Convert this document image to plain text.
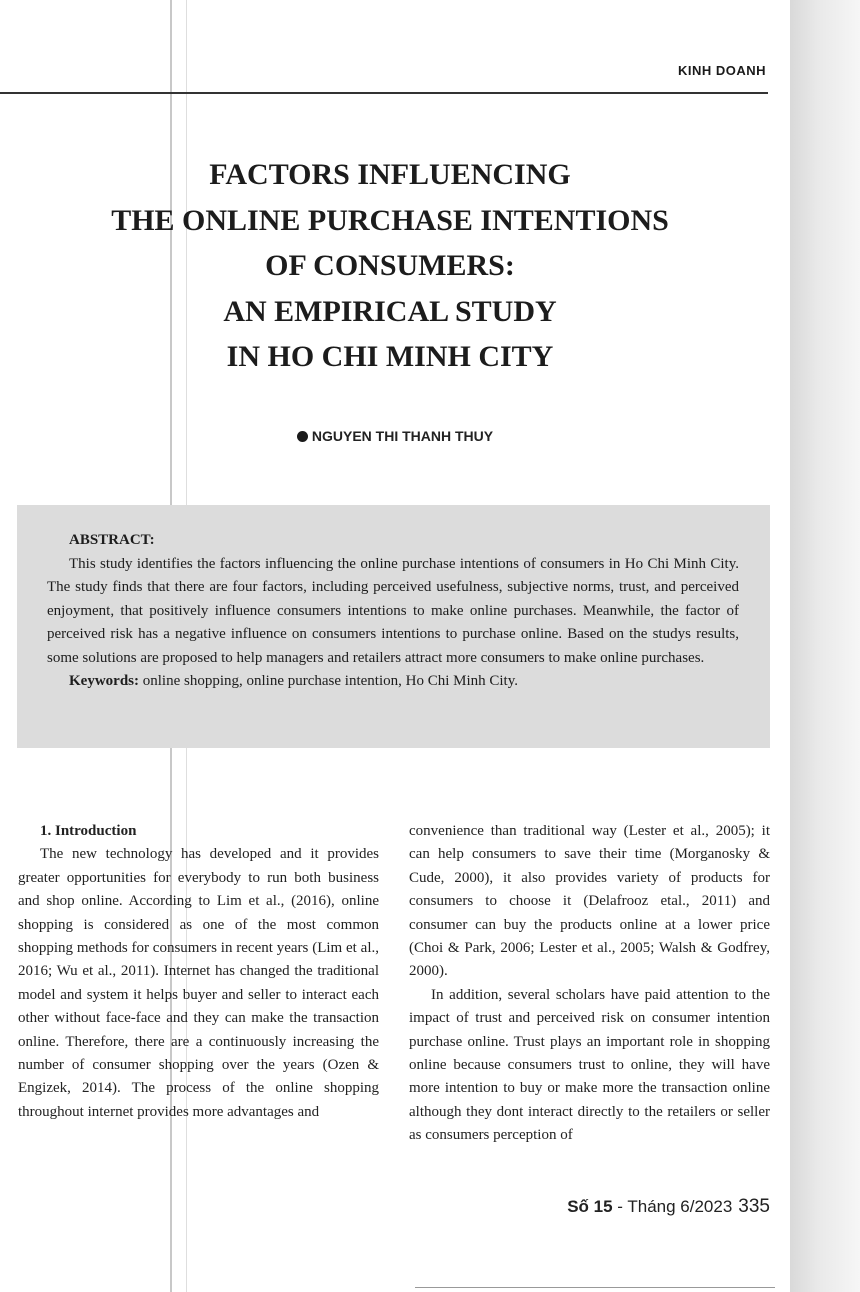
KINH DOANH
FACTORS INFLUENCING
THE ONLINE PURCHASE INTENTIONS
OF CONSUMERS:
AN EMPIRICAL STUDY
IN HO CHI MINH CITY
NGUYEN THI THANH THUY
ABSTRACT:

This study identifies the factors influencing the online purchase intentions of consumers in Ho Chi Minh City. The study finds that there are four factors, including perceived usefulness, subjective norms, trust, and perceived enjoyment, that positively influence consumers intentions to make online purchases. Meanwhile, the factor of perceived risk has a negative influence on consumers intentions to purchase online. Based on the studys results, some solutions are proposed to help managers and retailers attract more consumers to make online purchases.

Keywords: online shopping, online purchase intention, Ho Chi Minh City.

1. Introduction

The new technology has developed and it provides greater opportunities for everybody to run both business and shop online. According to Lim et al., (2016), online shopping is considered as one of the most common shopping methods for consumers in recent years (Lim et al., 2016; Wu et al., 2011). Internet has changed the traditional model and system it helps buyer and seller to interact each other without face-face and they can make the transaction online. Therefore, there are a continuously increasing the number of consumer shopping over the years (Ozen & Engizek, 2014). The process of the online shopping throughout internet provides more advantages and

convenience than traditional way (Lester et al., 2005); it can help consumers to save their time (Morganosky & Cude, 2000), it also provides variety of products for consumers to choose it (Delafrooz etal., 2011) and consumer can buy the products online at a lower price (Choi & Park, 2006; Lester et al., 2005; Walsh & Godfrey, 2000).

In addition, several scholars have paid attention to the impact of trust and perceived risk on consumer intention purchase online. Trust plays an important role in shopping online because consumers trust to online, they will have more intention to buy or make more the transaction online although they dont interact directly to the retailers or seller as consumers perception of

Số 15 - Tháng 6/2023 335
